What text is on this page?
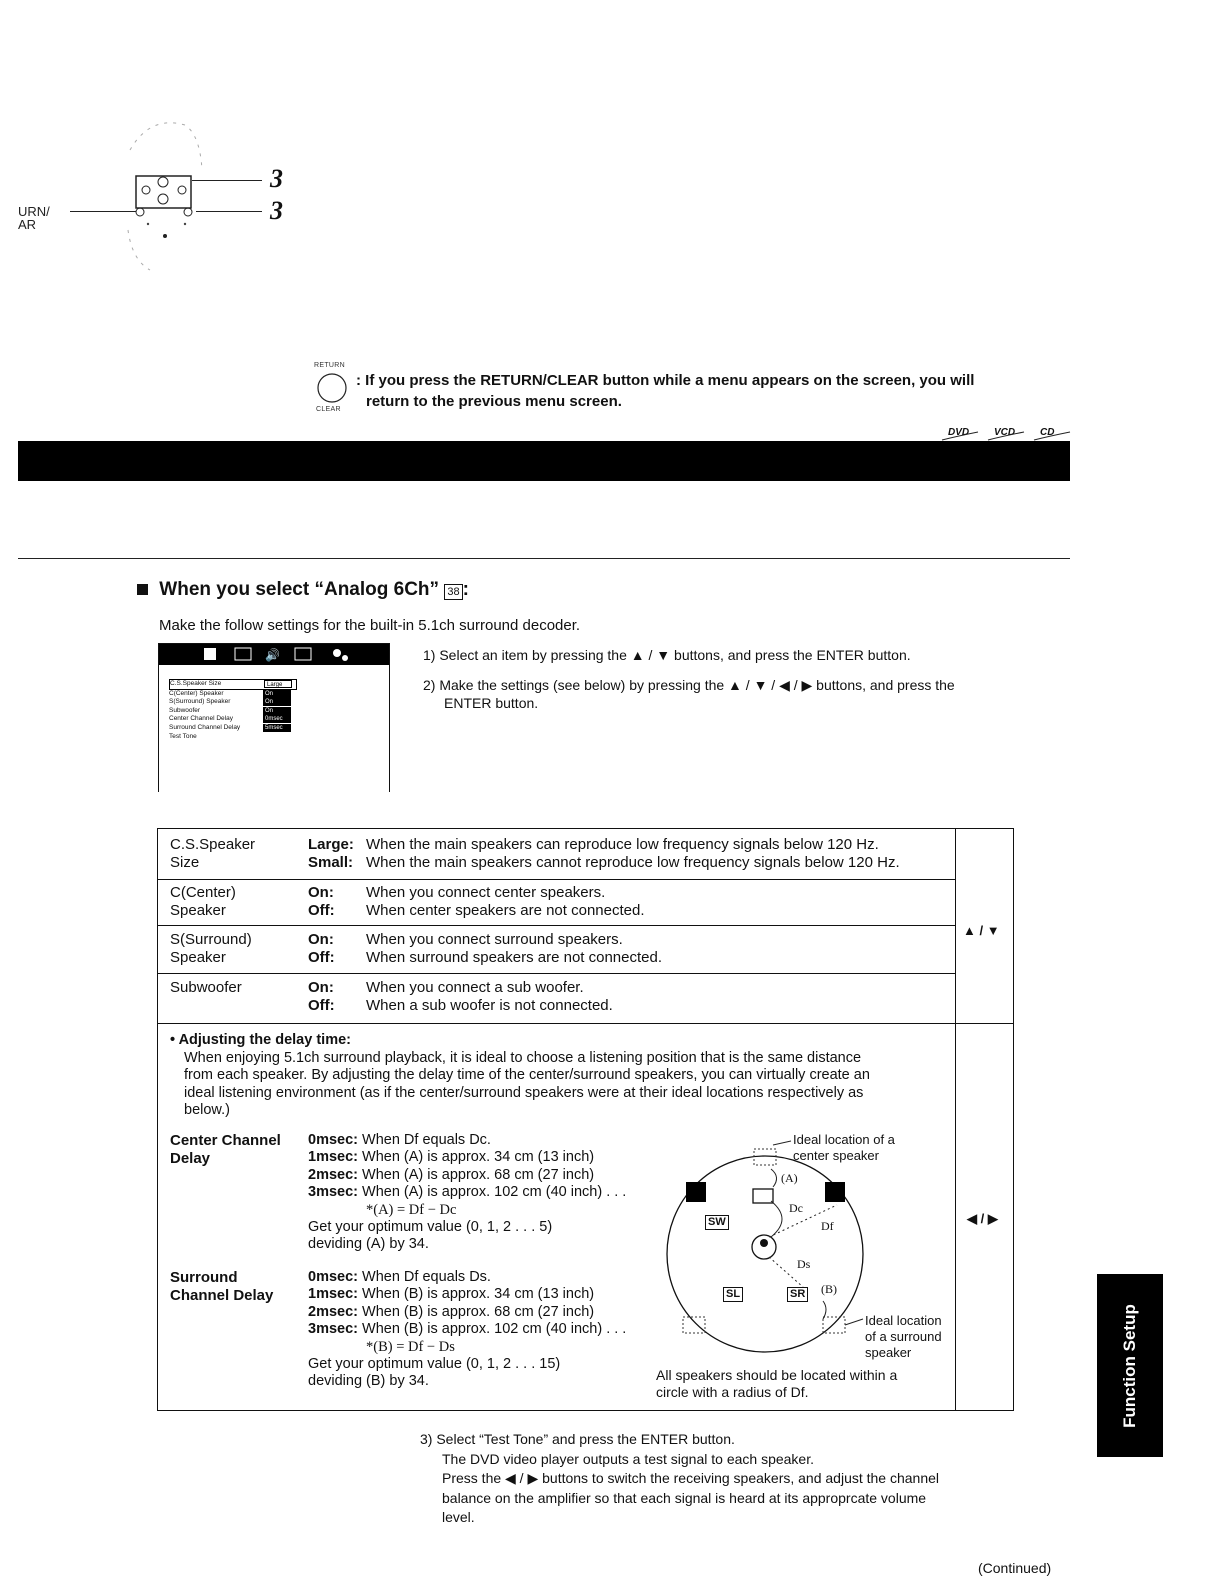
URN/
AR
3
3
RETURN
CLEAR
: If you press the RETURN/CLEAR button while a menu appears on the screen, you will
return to the previous menu screen.
DVD VCD CD
When you select “Analog 6Ch” 38 :
Make the follow settings for the built-in 5.1ch surround decoder.
🔊
C.S.Speaker Size	Large
C(Center) Speaker	On
S(Surround) Speaker	On
Subwoofer	On
Center Channel Delay	0msec
Surround Channel Delay	5msec
Test Tone
1) Select an item by pressing the ▲ / ▼ buttons, and press the ENTER button.
2) Make the settings (see below) by pressing the ▲ / ▼ / ◀ / ▶ buttons, and press the
ENTER button.
C.S.Speaker
Size
Large: When the main speakers can reproduce low frequency signals below 120 Hz.
Small: When the main speakers cannot reproduce low frequency signals below 120 Hz.
C(Center)
Speaker
On: When you connect center speakers.
Off: When center speakers are not connected.
S(Surround)
Speaker
On: When you connect surround speakers.
Off: When surround speakers are not connected.
Subwoofer	On: When you connect a sub woofer.
Off: When a sub woofer is not connected.
▲ / ▼
• Adjusting the delay time:
When enjoying 5.1ch surround playback, it is ideal to choose a listening position that is the same distance
from each speaker. By adjusting the delay time of the center/surround speakers, you can virtually create an
ideal listening environment (as if the center/surround speakers were at their ideal locations respectively as
below.)
Center Channel
Delay
0msec: When Df equals Dc.
1msec: When (A) is approx. 34 cm (13 inch)
2msec: When (A) is approx. 68 cm (27 inch)
3msec: When (A) is approx. 102 cm (40 inch) . . .
*(A) = Df − Dc
Get your optimum value (0, 1, 2 . . . 5)
deviding (A) by 34.
Surround
Channel Delay
0msec: When Df equals Ds.
1msec: When (B) is approx. 34 cm (13 inch)
2msec: When (B) is approx. 68 cm (27 inch)
3msec: When (B) is approx. 102 cm (40 inch) . . .
*(B) = Df − Ds
Get your optimum value (0, 1, 2 . . . 15)
deviding (B) by 34.
Ideal location of a
center speaker
(A)
Dc
Df
Ds
(B)
SW
SL	SR
Ideal location
of a surround
speaker
All speakers should be located within a
circle with a radius of Df.
◀ / ▶
3) Select “Test Tone” and press the ENTER button.
The DVD video player outputs a test signal to each speaker.
Press the ◀ / ▶ buttons to switch the receiving speakers, and adjust the channel
balance on the amplifier so that each signal is heard at its approprcate volume
level.
Function Setup
(Continued)
